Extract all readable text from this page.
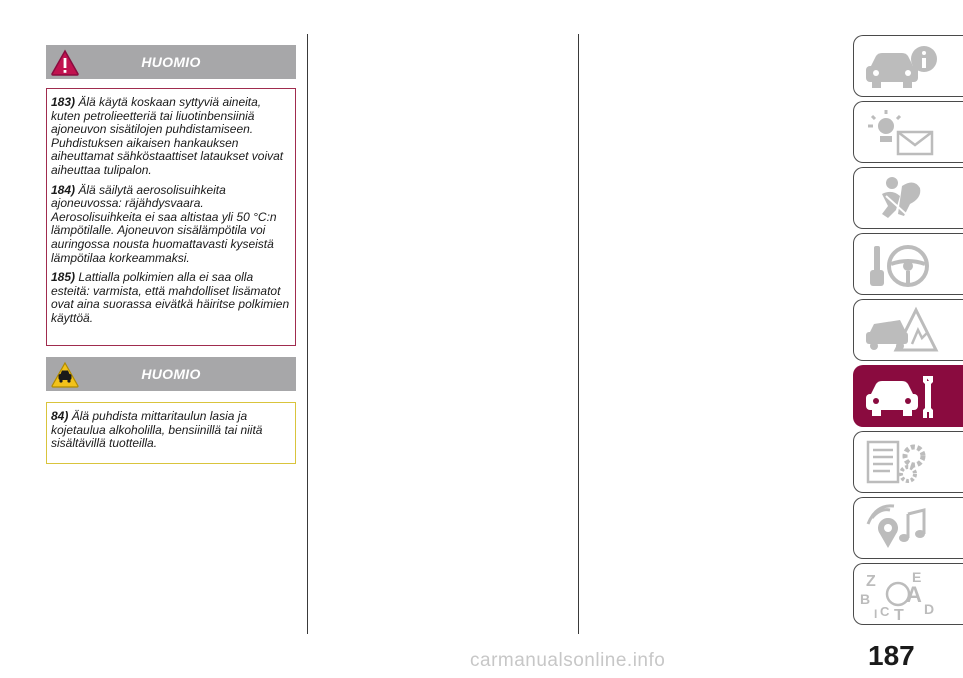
HUOMIO

183) Älä käytä koskaan syttyviä aineita, kuten petrolieetteriä tai liuotinbensiiniä ajoneuvon sisätilojen puhdistamiseen. Puhdistuksen aikaisen hankauksen aiheuttamat sähköstaattiset lataukset voivat aiheuttaa tulipalon.

184) Älä säilytä aerosolisuihkeita ajoneuvossa: räjähdysvaara. Aerosolisuihkeita ei saa altistaa yli 50 °C:n lämpötilalle. Ajoneuvon sisälämpötila voi auringossa nousta huomattavasti kyseistä lämpötilaa korkeammaksi.

185) Lattialla polkimien alla ei saa olla esteitä: varmista, että mahdolliset lisämatot ovat aina suorassa eivätkä häiritse polkimien käyttöä.

HUOMIO

84) Älä puhdista mittaritaulun lasia ja kojetaulua alkoholilla, bensiinillä tai niitä sisältävillä tuotteilla.

Z	E
B A
C D
I T
187
carmanualsonline.info
